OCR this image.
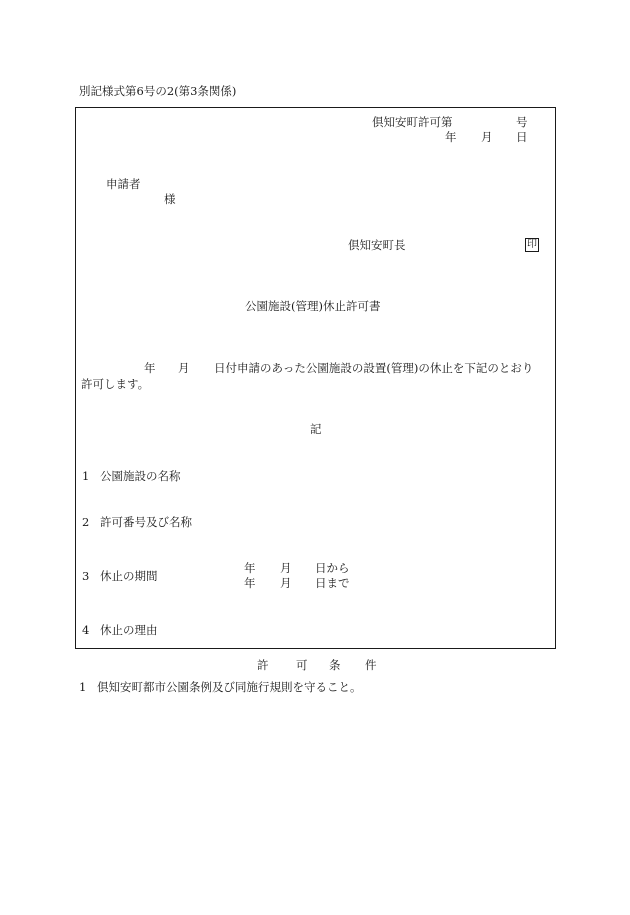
別記様式第6号の2(第3条関係)
倶知安町許可第	号
年 月 日
申請者
様
倶知安町長	印
公園施設(管理)休止許可書
年 月 日付申請のあった公園施設の設置(管理)の休止を下記のとおり
許可します。
記
1 公園施設の名称
2 許可番号及び名称
3 休止の期間
年 月 日から
年 月 日まで
4 休止の理由
許 可 条 件
1 倶知安町都市公園条例及び同施行規則を守ること。
